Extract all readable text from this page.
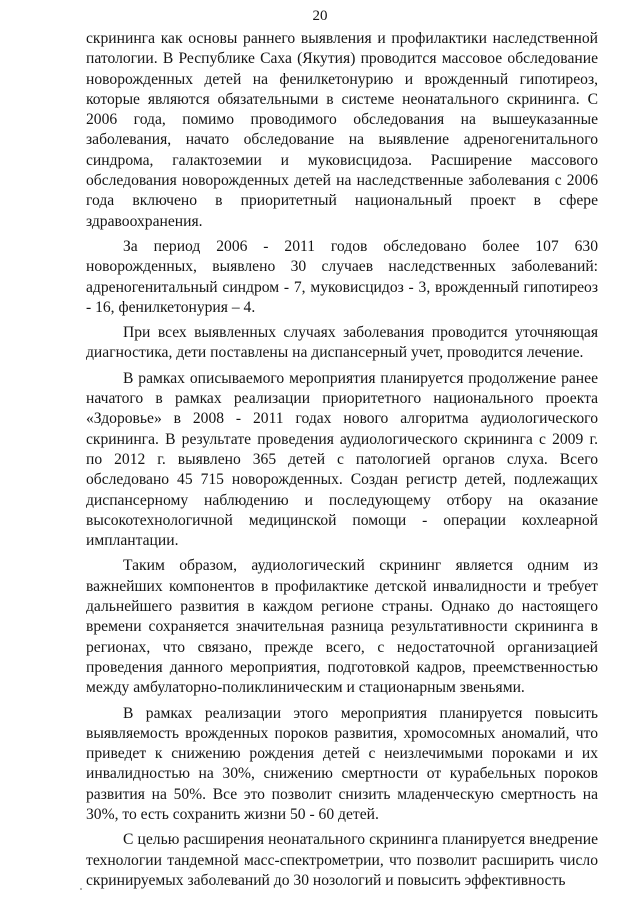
20

скрининга как основы раннего выявления и профилактики наследственной патологии. В Республике Саха (Якутия) проводится массовое обследование новорожденных детей на фенилкетонурию и врожденный гипотиреоз, которые являются обязательными в системе неонатального скрининга. С 2006 года, помимо проводимого обследования на вышеуказанные заболевания, начато обследование на выявление адреногенитального синдрома, галактоземии и муковисцидоза. Расширение массового обследования новорожденных детей на наследственные заболевания с 2006 года включено в приоритетный национальный проект в сфере здравоохранения.

За период 2006 - 2011 годов обследовано более 107 630 новорожденных, выявлено 30 случаев наследственных заболеваний: адреногенитальный синдром - 7, муковисцидоз - 3, врожденный гипотиреоз - 16, фенилкетонурия – 4.

При всех выявленных случаях заболевания проводится уточняющая диагностика, дети поставлены на диспансерный учет, проводится лечение.

В рамках описываемого мероприятия планируется продолжение ранее начатого в рамках реализации приоритетного национального проекта «Здоровье» в 2008 - 2011 годах нового алгоритма аудиологического скрининга. В результате проведения аудиологического скрининга с 2009 г. по 2012 г. выявлено 365 детей с патологией органов слуха. Всего обследовано 45 715 новорожденных. Создан регистр детей, подлежащих диспансерному наблюдению и последующему отбору на оказание высокотехнологичной медицинской помощи - операции кохлеарной имплантации.

Таким образом, аудиологический скрининг является одним из важнейших компонентов в профилактике детской инвалидности и требует дальнейшего развития в каждом регионе страны. Однако до настоящего времени сохраняется значительная разница результативности скрининга в регионах, что связано, прежде всего, с недостаточной организацией проведения данного мероприятия, подготовкой кадров, преемственностью между амбулаторно-поликлиническим и стационарным звеньями.

В рамках реализации этого мероприятия планируется повысить выявляемость врожденных пороков развития, хромосомных аномалий, что приведет к снижению рождения детей с неизлечимыми пороками и их инвалидностью на 30%, снижению смертности от курабельных пороков развития на 50%. Все это позволит снизить младенческую смертность на 30%, то есть сохранить жизни 50 - 60 детей.

С целью расширения неонатального скрининга планируется внедрение технологии тандемной масс-спектрометрии, что позволит расширить число скринируемых заболеваний до 30 нозологий и повысить эффективность
